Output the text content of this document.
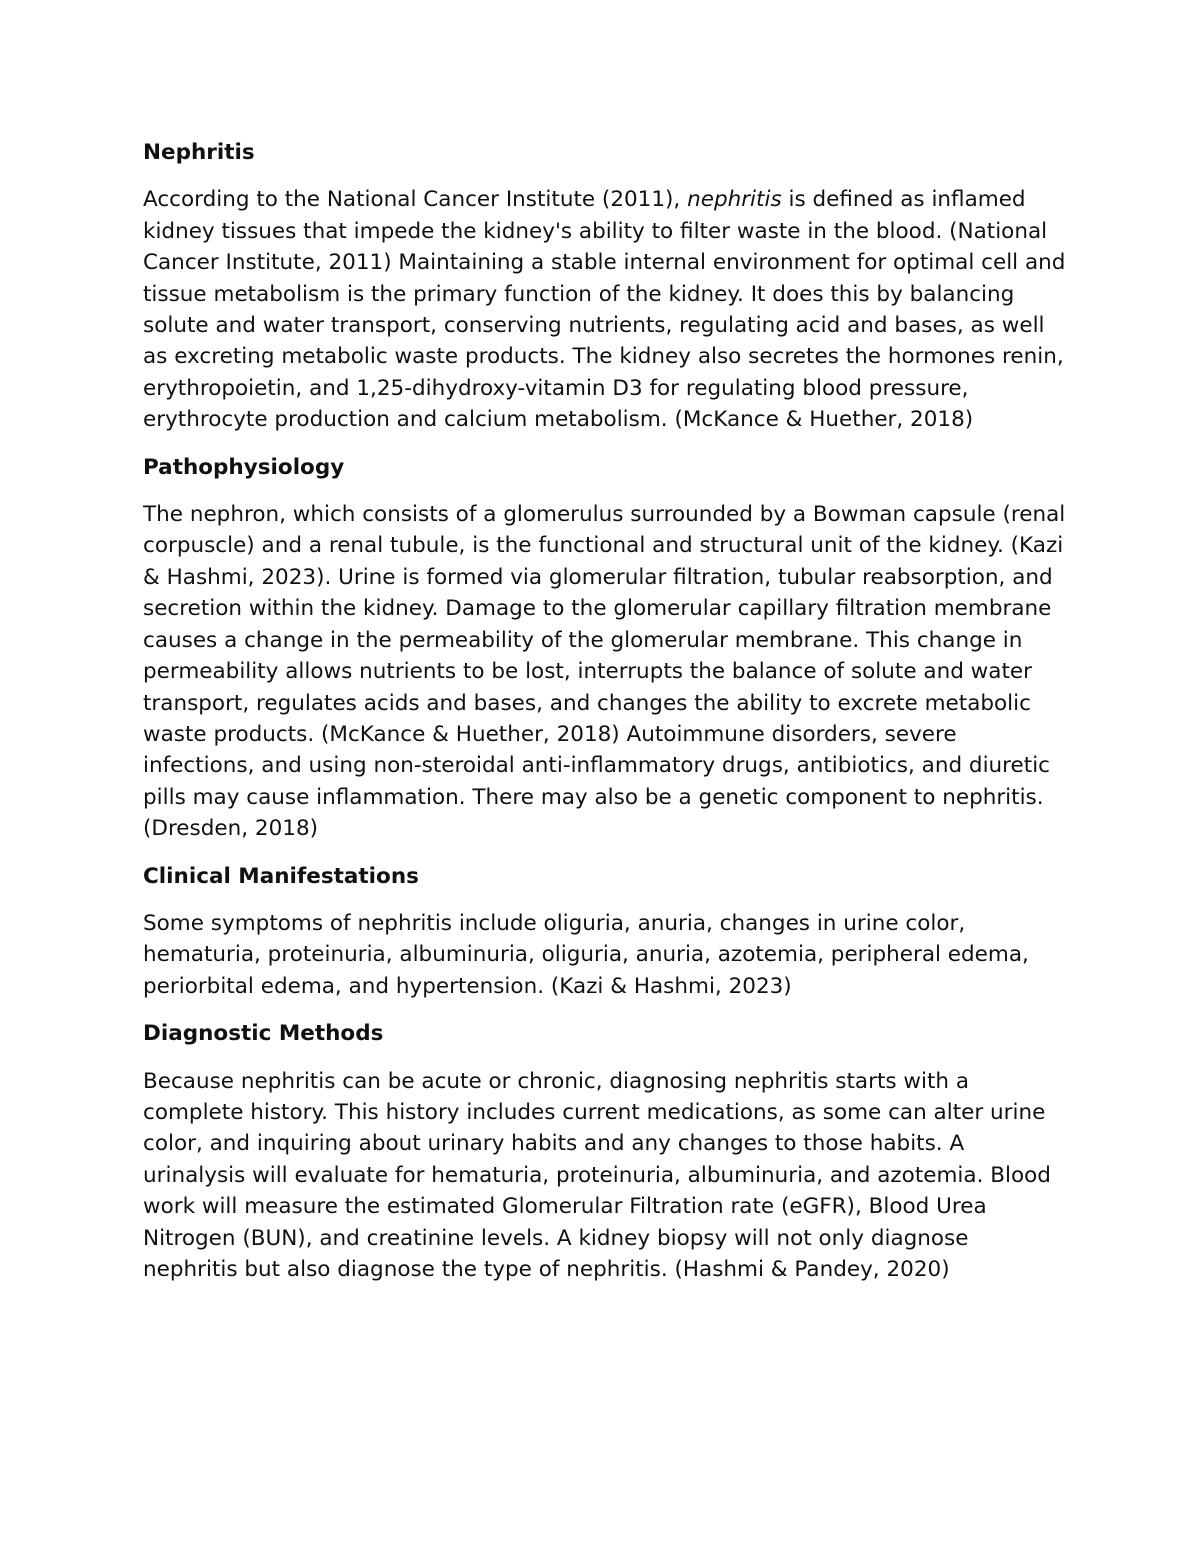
Nephritis

According to the National Cancer Institute (2011), nephritis is defined as inflamed kidney tissues that impede the kidney's ability to filter waste in the blood. (National Cancer Institute, 2011) Maintaining a stable internal environment for optimal cell and tissue metabolism is the primary function of the kidney. It does this by balancing solute and water transport, conserving nutrients, regulating acid and bases, as well as excreting metabolic waste products. The kidney also secretes the hormones renin, erythropoietin, and 1,25-dihydroxy-vitamin D3 for regulating blood pressure, erythrocyte production and calcium metabolism. (McKance & Huether, 2018)

Pathophysiology

The nephron, which consists of a glomerulus surrounded by a Bowman capsule (renal corpuscle) and a renal tubule, is the functional and structural unit of the kidney. (Kazi & Hashmi, 2023). Urine is formed via glomerular filtration, tubular reabsorption, and secretion within the kidney. Damage to the glomerular capillary filtration membrane causes a change in the permeability of the glomerular membrane. This change in permeability allows nutrients to be lost, interrupts the balance of solute and water transport, regulates acids and bases, and changes the ability to excrete metabolic waste products. (McKance & Huether, 2018) Autoimmune disorders, severe infections, and using non-steroidal anti-inflammatory drugs, antibiotics, and diuretic pills may cause inflammation. There may also be a genetic component to nephritis. (Dresden, 2018)

Clinical Manifestations

Some symptoms of nephritis include oliguria, anuria, changes in urine color, hematuria, proteinuria, albuminuria, oliguria, anuria, azotemia, peripheral edema, periorbital edema, and hypertension. (Kazi & Hashmi, 2023)

Diagnostic Methods

Because nephritis can be acute or chronic, diagnosing nephritis starts with a complete history. This history includes current medications, as some can alter urine color, and inquiring about urinary habits and any changes to those habits. A urinalysis will evaluate for hematuria, proteinuria, albuminuria, and azotemia. Blood work will measure the estimated Glomerular Filtration rate (eGFR), Blood Urea Nitrogen (BUN), and creatinine levels. A kidney biopsy will not only diagnose nephritis but also diagnose the type of nephritis. (Hashmi & Pandey, 2020)
